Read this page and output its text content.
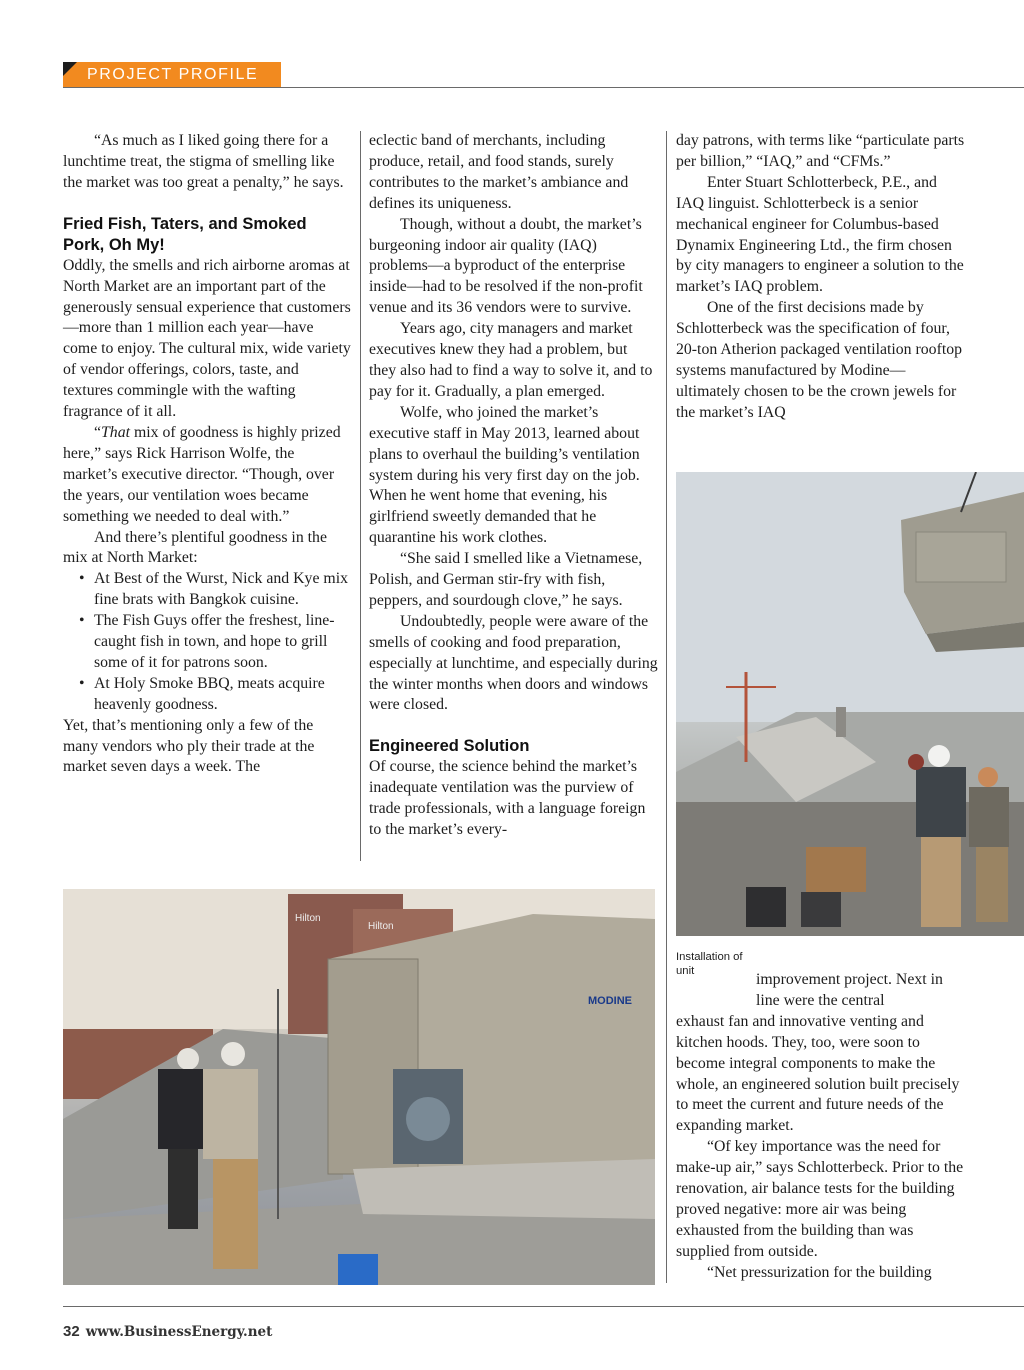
PROJECT PROFILE

“As much as I liked going there for a lunchtime treat, the stigma of smelling like the market was too great a penalty,” he says.

Fried Fish, Taters, and Smoked Pork, Oh My!

Oddly, the smells and rich airborne aromas at North Market are an important part of the generously sensual experience that customers—more than 1 million each year—have come to enjoy. The cultural mix, wide variety of vendor offerings, colors, taste, and textures commingle with the wafting fragrance of it all.

“That mix of goodness is highly prized here,” says Rick Harrison Wolfe, the market’s executive director. “Though, over the years, our ventilation woes became something we needed to deal with.”

And there’s plentiful goodness in the mix at North Market:

• At Best of the Wurst, Nick and Kye mix fine brats with Bangkok cuisine.
• The Fish Guys offer the freshest, line-caught fish in town, and hope to grill some of it for patrons soon.
• At Holy Smoke BBQ, meats acquire heavenly goodness.

Yet, that’s mentioning only a few of the many vendors who ply their trade at the market seven days a week. The

eclectic band of merchants, including produce, retail, and food stands, surely contributes to the market’s ambiance and defines its uniqueness.

Though, without a doubt, the market’s burgeoning indoor air quality (IAQ) problems—a byproduct of the enterprise inside—had to be resolved if the non-profit venue and its 36 vendors were to survive.

Years ago, city managers and market executives knew they had a problem, but they also had to find a way to solve it, and to pay for it. Gradually, a plan emerged.

Wolfe, who joined the market’s executive staff in May 2013, learned about plans to overhaul the building’s ventilation system during his very first day on the job. When he went home that evening, his girlfriend sweetly demanded that he quarantine his work clothes.

“She said I smelled like a Vietnamese, Polish, and German stir-fry with fish, peppers, and sourdough clove,” he says.

Undoubtedly, people were aware of the smells of cooking and food preparation, especially at lunchtime, and especially during the winter months when doors and windows were closed.

Engineered Solution

Of course, the science behind the market’s inadequate ventilation was the purview of trade professionals, with a language foreign to the market’s every-

day patrons, with terms like “particulate parts per billion,” “IAQ,” and “CFMs.”

Enter Stuart Schlotterbeck, P.E., and IAQ linguist. Schlotterbeck is a senior mechanical engineer for Columbus-based Dynamix Engineering Ltd., the firm chosen by city managers to engineer a solution to the market’s IAQ problem.

One of the first decisions made by Schlotterbeck was the specification of four, 20-ton Atherion packaged ventilation rooftop systems manufactured by Modine—ultimately chosen to be the crown jewels for the market’s IAQ

Installation of unit	improvement project. Next in line were the central

exhaust fan and innovative venting and kitchen hoods. They, too, were soon to become integral components to make the whole, an engineered solution built precisely to meet the current and future needs of the expanding market.

“Of key importance was the need for make-up air,” says Schlotterbeck. Prior to the renovation, air balance tests for the building proved negative: more air was being exhausted from the building than was supplied from outside.

“Net pressurization for the building

Hilton
Hilton
MODINE
32 www.BusinessEnergy.net
